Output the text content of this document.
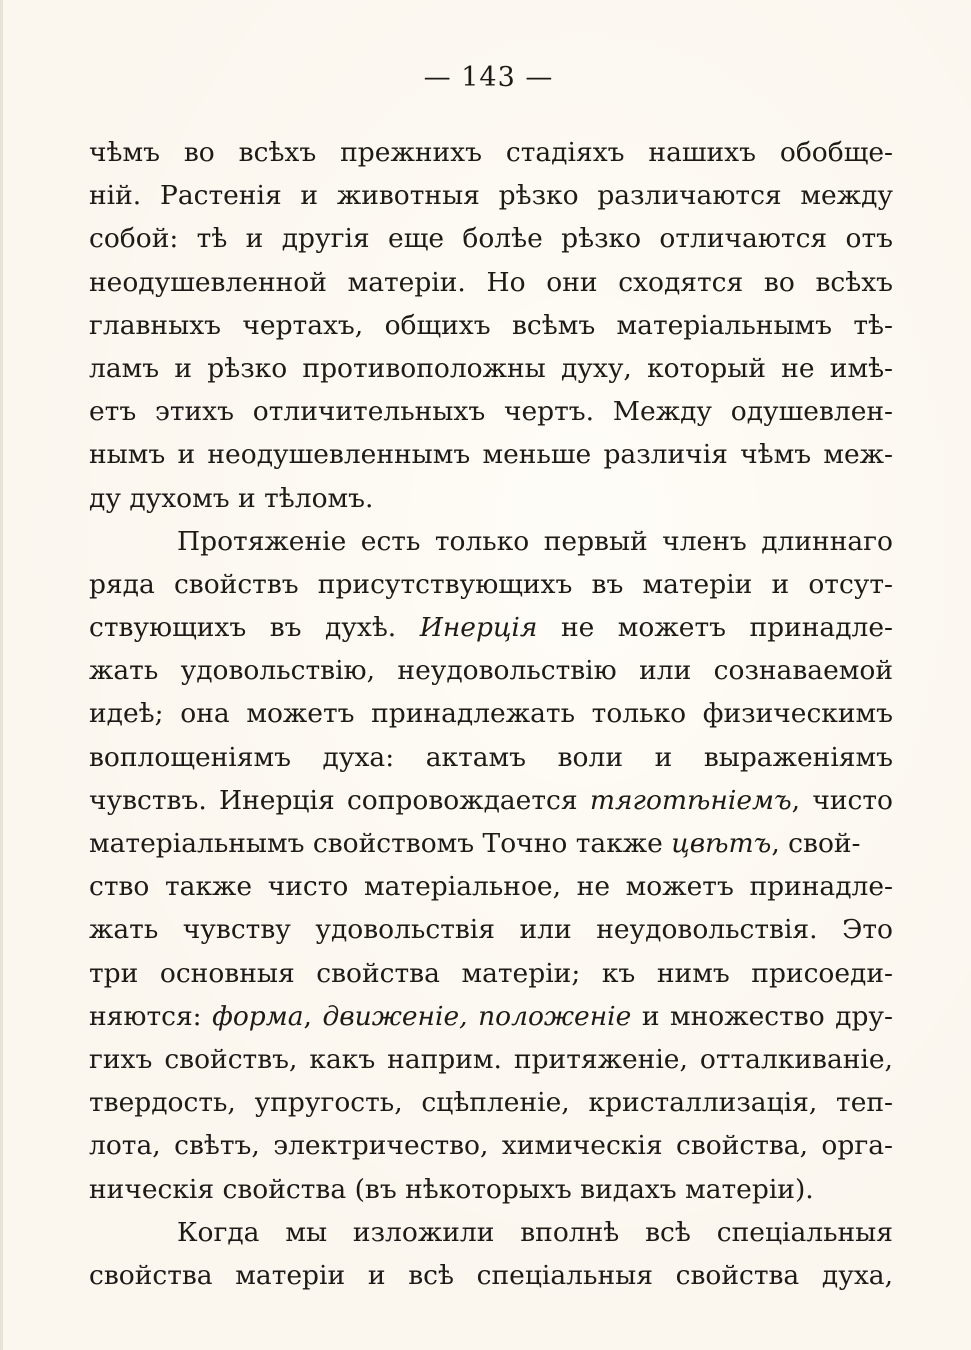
— 143 —
чѣмъ во всѣхъ прежнихъ стадіяхъ нашихъ обобще-
ній. Растенія и животныя рѣзко различаются между
собой: тѣ и другія еще болѣе рѣзко отличаются отъ
неодушевленной матеріи. Но они сходятся во всѣхъ
главныхъ чертахъ, общихъ всѣмъ матеріальнымъ тѣ-
ламъ и рѣзко противоположны духу, который не имѣ-
етъ этихъ отличительныхъ чертъ. Между одушевлен-
нымъ и неодушевленнымъ меньше различія чѣмъ меж-
ду духомъ и тѣломъ.
Протяженіе есть только первый членъ длиннаго
ряда свойствъ присутствующихъ въ матеріи и отсут-
ствующихъ въ духѣ. Инерція не можетъ принадле-
жать удовольствію, неудовольствію или сознаваемой
идеѣ; она можетъ принадлежать только физическимъ
воплощеніямъ духа: актамъ воли и выраженіямъ
чувствъ. Инерція сопровождается тяготѣніемъ, чисто
матеріальнымъ свойствомъ Точно также цвѣтъ, свой-
ство также чисто матеріальное, не можетъ принадле-
жать чувству удовольствія или неудовольствія. Это
три основныя свойства матеріи; къ нимъ присоеди-
няются: форма, движеніе, положеніе и множество дру-
гихъ свойствъ, какъ наприм. притяженіе, отталкиваніе,
твердость, упругость, сцѣпленіе, кристаллизація, теп-
лота, свѣтъ, электричество, химическія свойства, орга-
ническія свойства (въ нѣкоторыхъ видахъ матеріи).
Когда мы изложили вполнѣ всѣ спеціальныя
свойства матеріи и всѣ спеціальныя свойства духа,
